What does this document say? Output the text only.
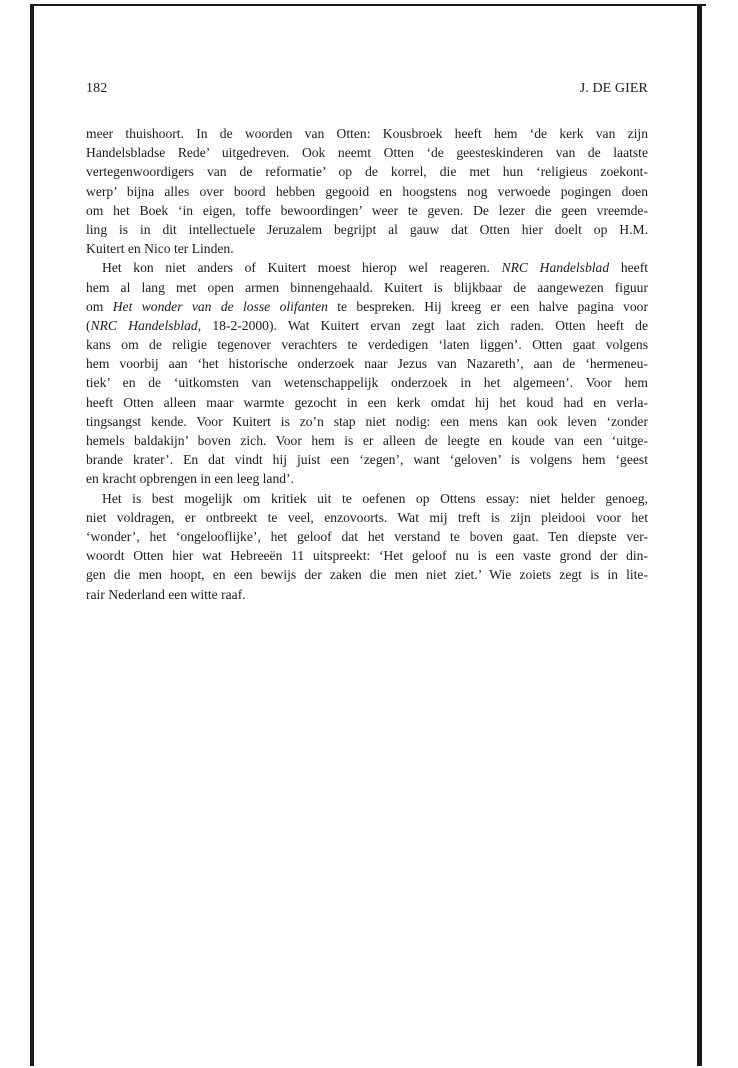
182	J. DE GIER
meer thuishoort. In de woorden van Otten: Kousbroek heeft hem ‘de kerk van zijn
Handelsbladse Rede’ uitgedreven. Ook neemt Otten ‘de geesteskinderen van de laatste
vertegenwoordigers van de reformatie’ op de korrel, die met hun ‘religieus zoekont-
werp’ bijna alles over boord hebben gegooid en hoogstens nog verwoede pogingen doen
om het Boek ‘in eigen, toffe bewoordingen’ weer te geven. De lezer die geen vreemde-
ling is in dit intellectuele Jeruzalem begrijpt al gauw dat Otten hier doelt op H.M.
Kuitert en Nico ter Linden.
Het kon niet anders of Kuitert moest hierop wel reageren. NRC Handelsblad heeft
hem al lang met open armen binnengehaald. Kuitert is blijkbaar de aangewezen figuur
om Het wonder van de losse olifanten te bespreken. Hij kreeg er een halve pagina voor
(NRC Handelsblad, 18-2-2000). Wat Kuitert ervan zegt laat zich raden. Otten heeft de
kans om de religie tegenover verachters te verdedigen ‘laten liggen’. Otten gaat volgens
hem voorbij aan ‘het historische onderzoek naar Jezus van Nazareth’, aan de ‘hermeneu-
tiek’ en de ‘uitkomsten van wetenschappelijk onderzoek in het algemeen’. Voor hem
heeft Otten alleen maar warmte gezocht in een kerk omdat hij het koud had en verla-
tingsangst kende. Voor Kuitert is zo’n stap niet nodig: een mens kan ook leven ‘zonder
hemels baldakijn’ boven zich. Voor hem is er alleen de leegte en koude van een ‘uitge-
brande krater’. En dat vindt hij juist een ‘zegen’, want ‘geloven’ is volgens hem ‘geest
en kracht opbrengen in een leeg land’.
Het is best mogelijk om kritiek uit te oefenen op Ottens essay: niet helder genoeg,
niet voldragen, er ontbreekt te veel, enzovoorts. Wat mij treft is zijn pleidooi voor het
‘wonder’, het ‘ongelooflijke’, het geloof dat het verstand te boven gaat. Ten diepste ver-
woordt Otten hier wat Hebreeën 11 uitspreekt: ‘Het geloof nu is een vaste grond der din-
gen die men hoopt, en een bewijs der zaken die men niet ziet.’ Wie zoiets zegt is in lite-
rair Nederland een witte raaf.
